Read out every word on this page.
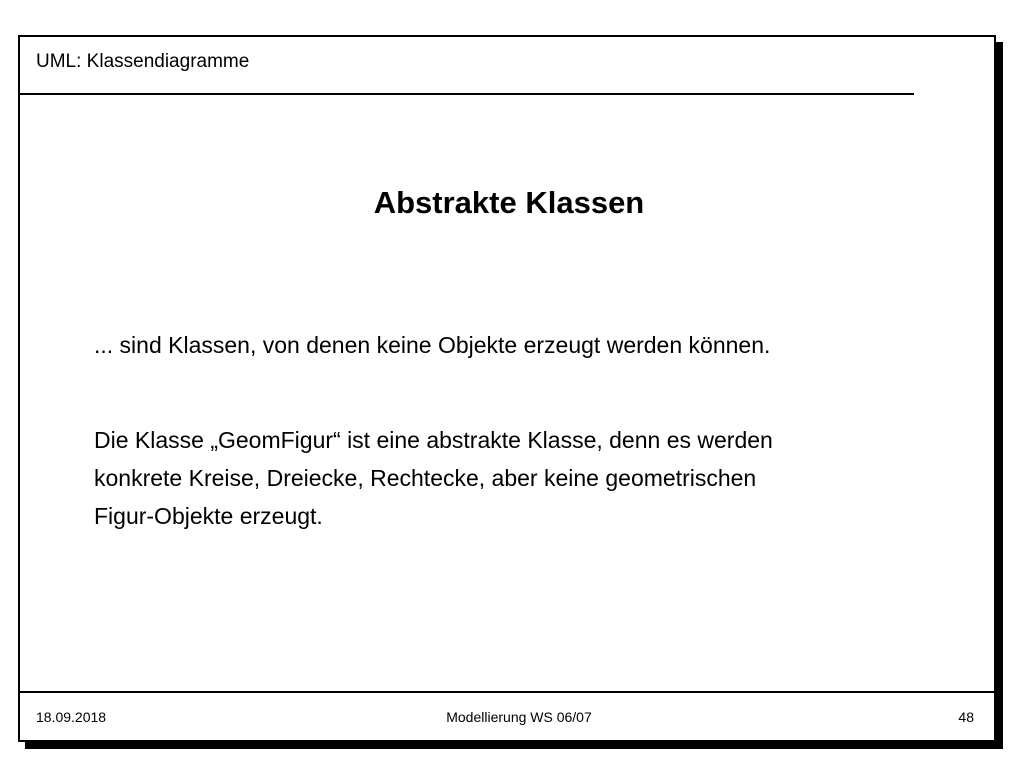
UML: Klassendiagramme
Abstrakte Klassen
... sind Klassen, von denen keine Objekte erzeugt werden können.
Die Klasse „GeomFigur“ ist eine abstrakte Klasse, denn es werden
konkrete Kreise, Dreiecke, Rechtecke, aber keine geometrischen
Figur-Objekte erzeugt.
18.09.2018	Modellierung WS 06/07	48
